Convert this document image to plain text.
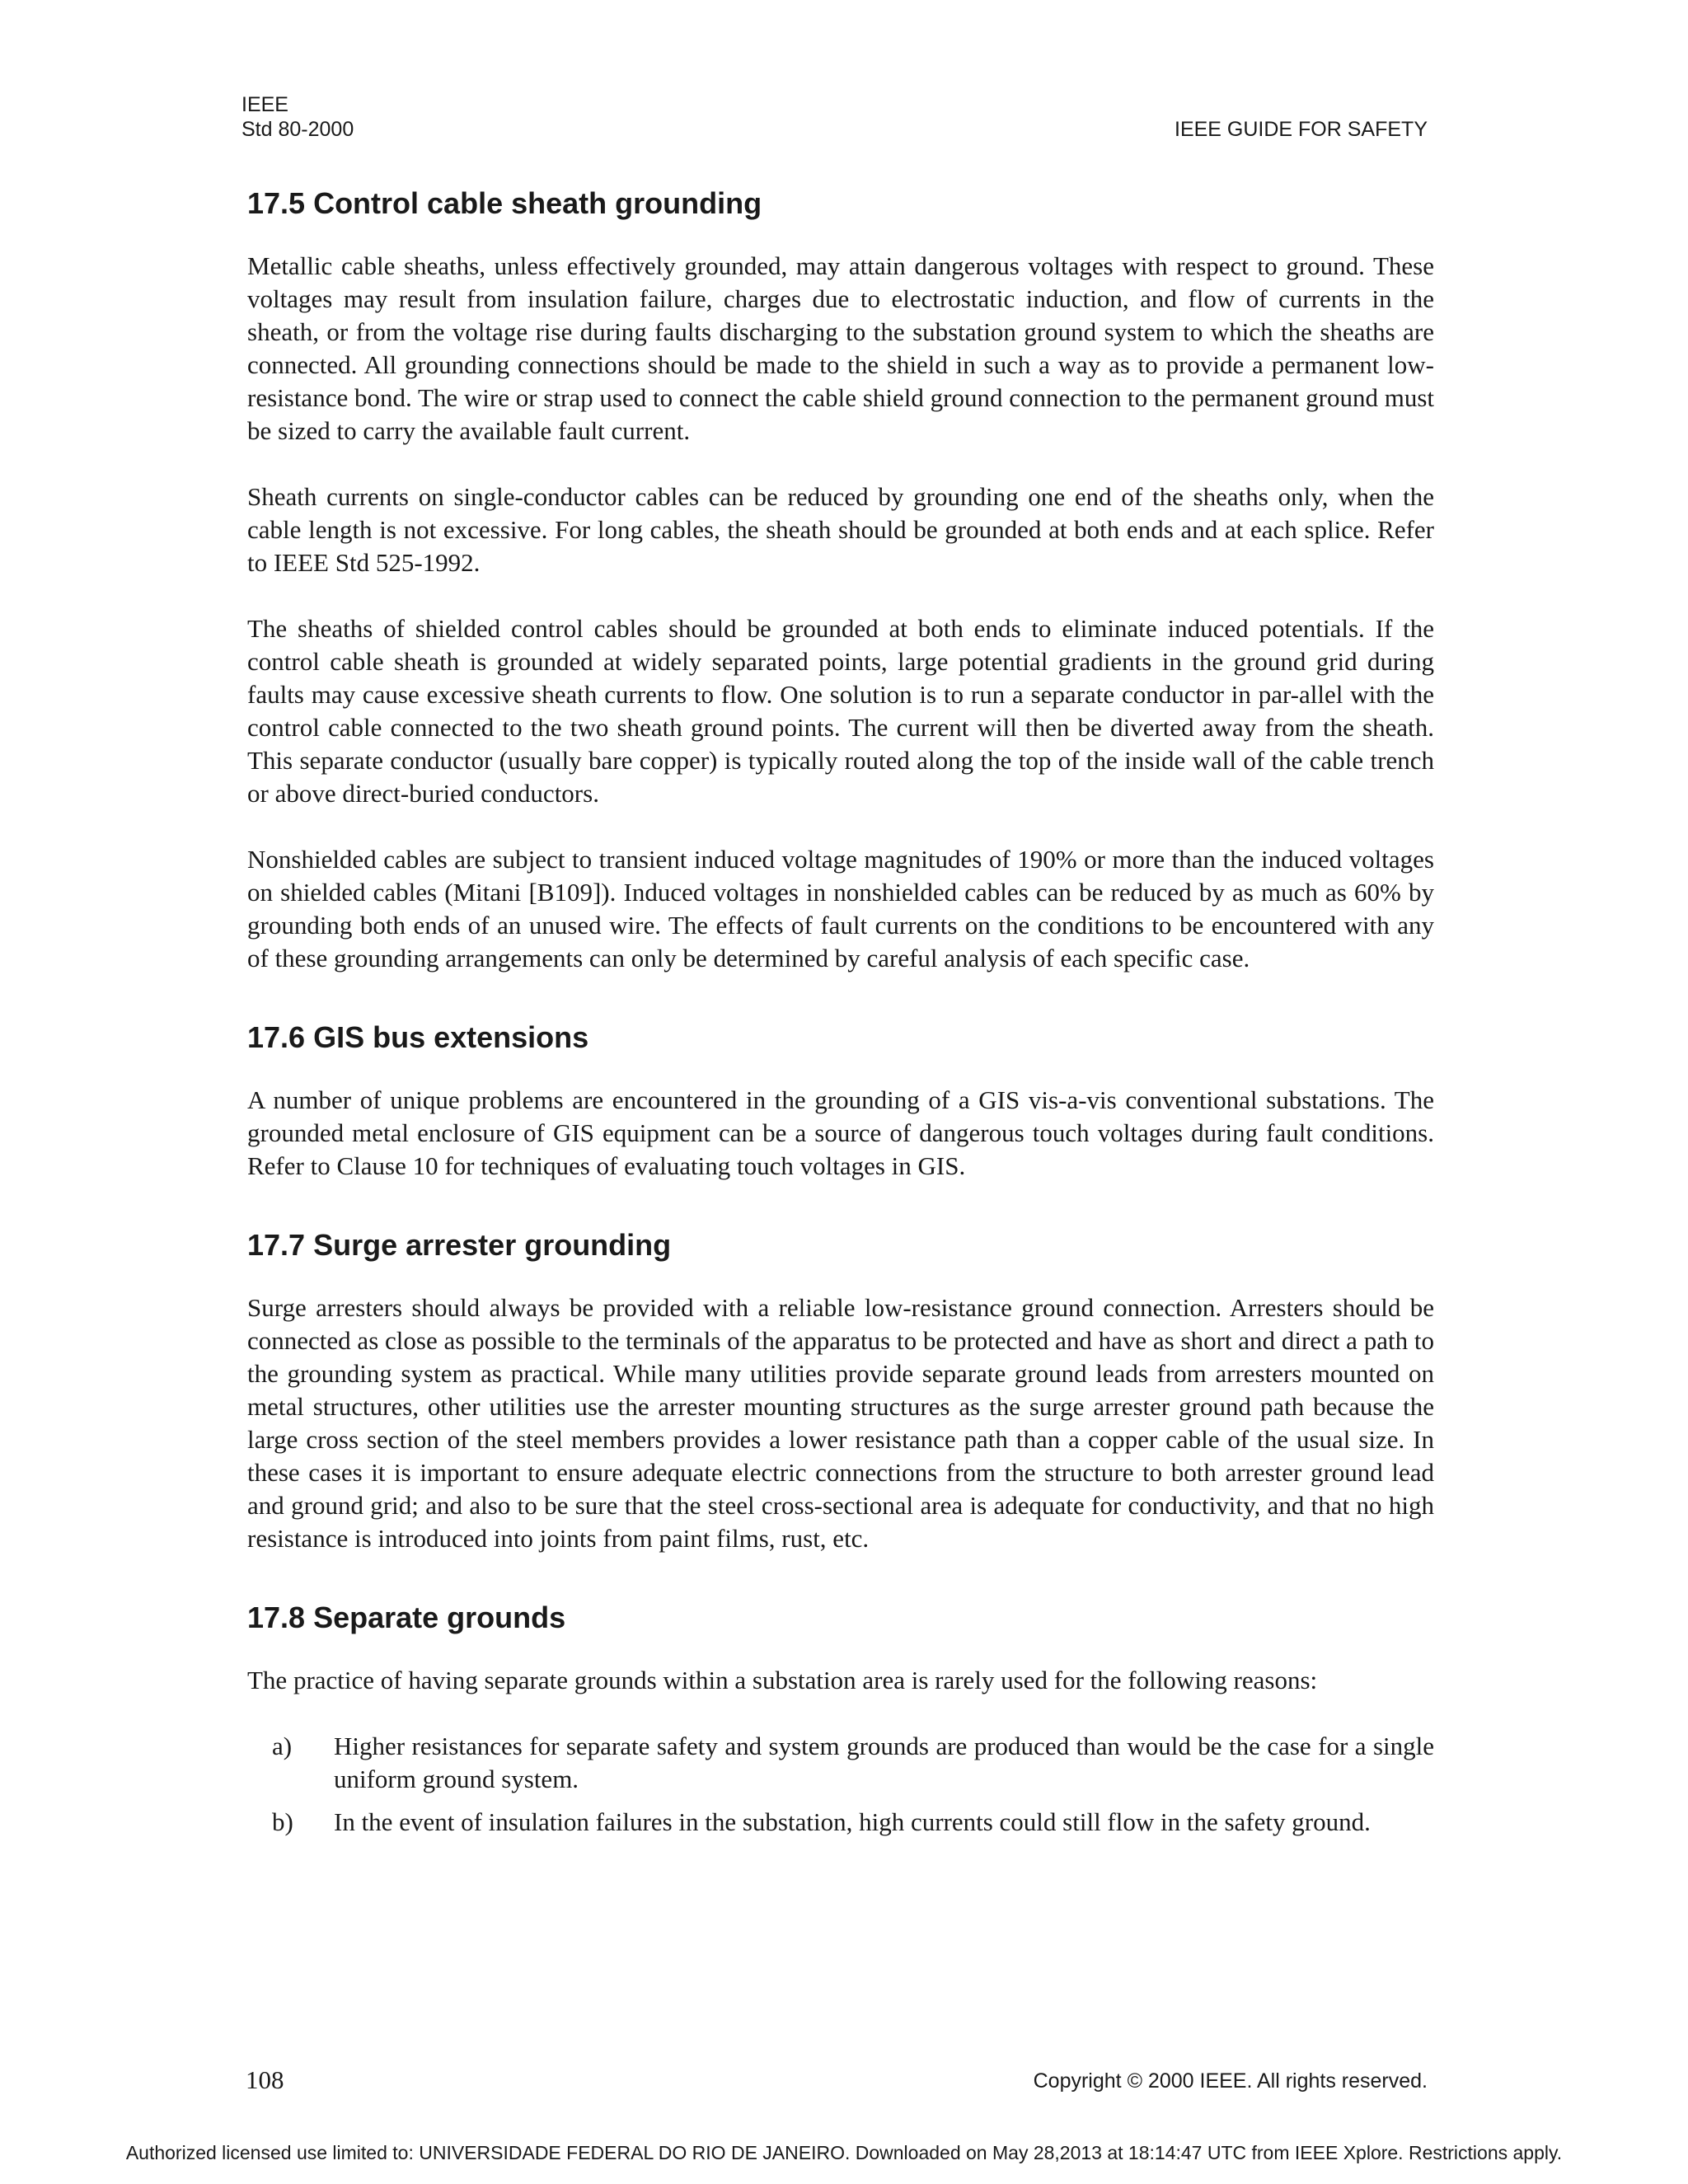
IEEE
Std 80-2000	IEEE GUIDE FOR SAFETY
17.5 Control cable sheath grounding

Metallic cable sheaths, unless effectively grounded, may attain dangerous voltages with respect to ground. These voltages may result from insulation failure, charges due to electrostatic induction, and flow of currents in the sheath, or from the voltage rise during faults discharging to the substation ground system to which the sheaths are connected. All grounding connections should be made to the shield in such a way as to provide a permanent low-resistance bond. The wire or strap used to connect the cable shield ground connection to the permanent ground must be sized to carry the available fault current.

Sheath currents on single-conductor cables can be reduced by grounding one end of the sheaths only, when the cable length is not excessive. For long cables, the sheath should be grounded at both ends and at each splice. Refer to IEEE Std 525-1992.

The sheaths of shielded control cables should be grounded at both ends to eliminate induced potentials. If the control cable sheath is grounded at widely separated points, large potential gradients in the ground grid during faults may cause excessive sheath currents to flow. One solution is to run a separate conductor in par-allel with the control cable connected to the two sheath ground points. The current will then be diverted away from the sheath. This separate conductor (usually bare copper) is typically routed along the top of the inside wall of the cable trench or above direct-buried conductors.

Nonshielded cables are subject to transient induced voltage magnitudes of 190% or more than the induced voltages on shielded cables (Mitani [B109]). Induced voltages in nonshielded cables can be reduced by as much as 60% by grounding both ends of an unused wire. The effects of fault currents on the conditions to be encountered with any of these grounding arrangements can only be determined by careful analysis of each specific case.

17.6 GIS bus extensions

A number of unique problems are encountered in the grounding of a GIS vis-a-vis conventional substations. The grounded metal enclosure of GIS equipment can be a source of dangerous touch voltages during fault conditions. Refer to Clause 10 for techniques of evaluating touch voltages in GIS.

17.7 Surge arrester grounding

Surge arresters should always be provided with a reliable low-resistance ground connection. Arresters should be connected as close as possible to the terminals of the apparatus to be protected and have as short and direct a path to the grounding system as practical. While many utilities provide separate ground leads from arresters mounted on metal structures, other utilities use the arrester mounting structures as the surge arrester ground path because the large cross section of the steel members provides a lower resistance path than a copper cable of the usual size. In these cases it is important to ensure adequate electric connections from the structure to both arrester ground lead and ground grid; and also to be sure that the steel cross-sectional area is adequate for conductivity, and that no high resistance is introduced into joints from paint films, rust, etc.

17.8 Separate grounds

The practice of having separate grounds within a substation area is rarely used for the following reasons:

a) Higher resistances for separate safety and system grounds are produced than would be the case for a single uniform ground system.
b) In the event of insulation failures in the substation, high currents could still flow in the safety ground.
108	Copyright © 2000 IEEE. All rights reserved.
Authorized licensed use limited to: UNIVERSIDADE FEDERAL DO RIO DE JANEIRO. Downloaded on May 28,2013 at 18:14:47 UTC from IEEE Xplore. Restrictions apply.
